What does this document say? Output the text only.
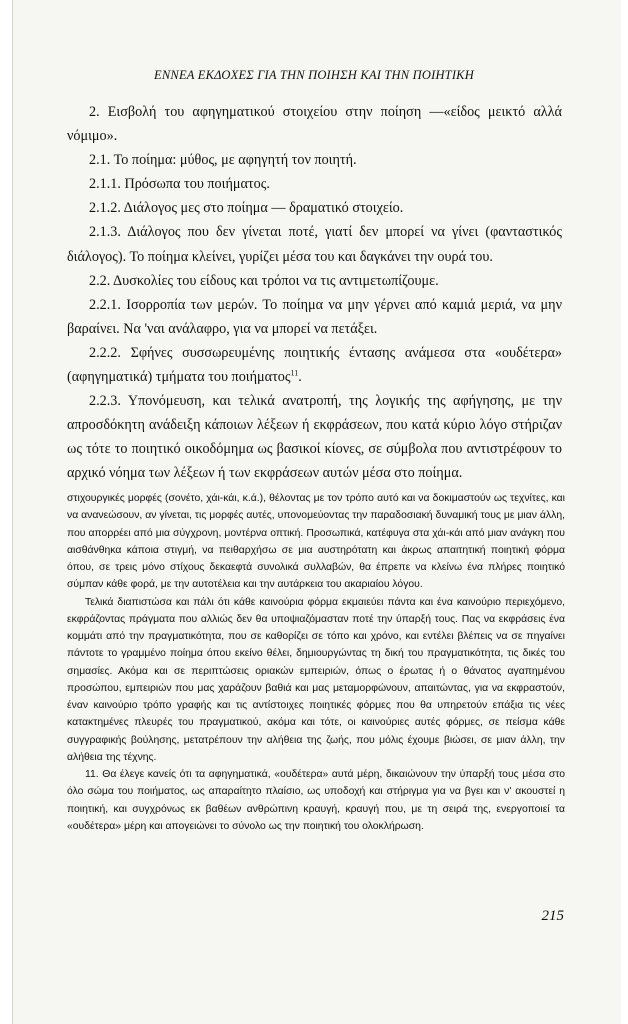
ΕΝΝΕΑ ΕΚΔΟΧΕΣ ΓΙΑ ΤΗΝ ΠΟΙΗΣΗ ΚΑΙ ΤΗΝ ΠΟΙΗΤΙΚΗ

2. Εισβολή του αφηγηματικού στοιχείου στην ποίηση —«είδος μεικτό αλλά νόμιμο».

2.1. Το ποίημα: μύθος, με αφηγητή τον ποιητή.

2.1.1. Πρόσωπα του ποιήματος.

2.1.2. Διάλογος μες στο ποίημα — δραματικό στοιχείο.

2.1.3. Διάλογος που δεν γίνεται ποτέ, γιατί δεν μπορεί να γίνει (φανταστικός διάλογος). Το ποίημα κλείνει, γυρίζει μέσα του και δαγκάνει την ουρά του.

2.2. Δυσκολίες του είδους και τρόποι να τις αντιμετωπίζουμε.

2.2.1. Ισορροπία των μερών. Το ποίημα να μην γέρνει από καμιά μεριά, να μην βαραίνει. Να 'ναι ανάλαφρο, για να μπορεί να πετάξει.

2.2.2. Σφήνες συσσωρευμένης ποιητικής έντασης ανάμεσα στα «ουδέτερα» (αφηγηματικά) τμήματα του ποιήματος$^{11}$.

2.2.3. Υπονόμευση, και τελικά ανατροπή, της λογικής της αφήγησης, με την απροσδόκητη ανάδειξη κάποιων λέξεων ή εκφράσεων, που κατά κύριο λόγο στήριζαν ως τότε το ποιητικό οικοδόμημα ως βασικοί κίονες, σε σύμβολα που αντιστρέφουν το αρχικό νόημα των λέξεων ή των εκφράσεων αυτών μέσα στο ποίημα.

στιχουργικές μορφές (σονέτο, χάι-κάι, κ.ά.), θέλοντας με τον τρόπο αυτό και να δοκιμαστούν ως τεχνίτες, και να ανανεώσουν, αν γίνεται, τις μορφές αυτές, υπονομεύοντας την παραδοσιακή δυναμική τους με μιαν άλλη, που απορρέει από μια σύγχρονη, μοντέρνα οπτική. Προσωπικά, κατέφυγα στα χάι-κάι από μιαν ανάγκη που αισθάνθηκα κάποια στιγμή, να πειθαρχήσω σε μια αυστηρότατη και άκρως απαιτητική ποιητική φόρμα όπου, σε τρεις μόνο στίχους δεκαεφτά συνολικά συλλαβών, θα έπρεπε να κλείνω ένα πλήρες ποιητικό σύμπαν κάθε φορά, με την αυτοτέλεια και την αυτάρκεια του ακαριαίου λόγου.

Τελικά διαπιστώσα και πάλι ότι κάθε καινούρια φόρμα εκμαιεύει πάντα και ένα καινούριο περιεχόμενο, εκφράζοντας πράγματα που αλλιώς δεν θα υποψιαζόμασταν ποτέ την ύπαρξή τους. Πας να εκφράσεις ένα κομμάτι από την πραγματικότητα, που σε καθορίζει σε τόπο και χρόνο, και εντέλει βλέπεις να σε πηγαίνει πάντοτε το γραμμένο ποίημα όπου εκείνο θέλει, δημιουργώντας τη δική του πραγματικότητα, τις δικές του σημασίες. Ακόμα και σε περιπτώσεις οριακών εμπειριών, όπως ο έρωτας ή ο θάνατος αγαπημένου προσώπου, εμπειριών που μας χαράζουν βαθιά και μας μεταμορφώνουν, απαιτώντας, για να εκφραστούν, έναν καινούριο τρόπο γραφής και τις αντίστοιχες ποιητικές φόρμες που θα υπηρετούν επάξια τις νέες κατακτημένες πλευρές του πραγματικού, ακόμα και τότε, οι καινούριες αυτές φόρμες, σε πείσμα κάθε συγγραφικής βούλησης, μετατρέπουν την αλήθεια της ζωής, που μόλις έχουμε βιώσει, σε μιαν άλλη, την αλήθεια της τέχνης.

11. Θα έλεγε κανείς ότι τα αφηγηματικά, «ουδέτερα» αυτά μέρη, δικαιώνουν την ύπαρξή τους μέσα στο όλο σώμα του ποιήματος, ως απαραίτητο πλαίσιο, ως υποδοχή και στήριγμα για να βγει και ν' ακουστεί η ποιητική, και συγχρόνως εκ βαθέων ανθρώπινη κραυγή, κραυγή που, με τη σειρά της, ενεργοποιεί τα «ουδέτερα» μέρη και απογειώνει το σύνολο ως την ποιητική του ολοκλήρωση.

215
